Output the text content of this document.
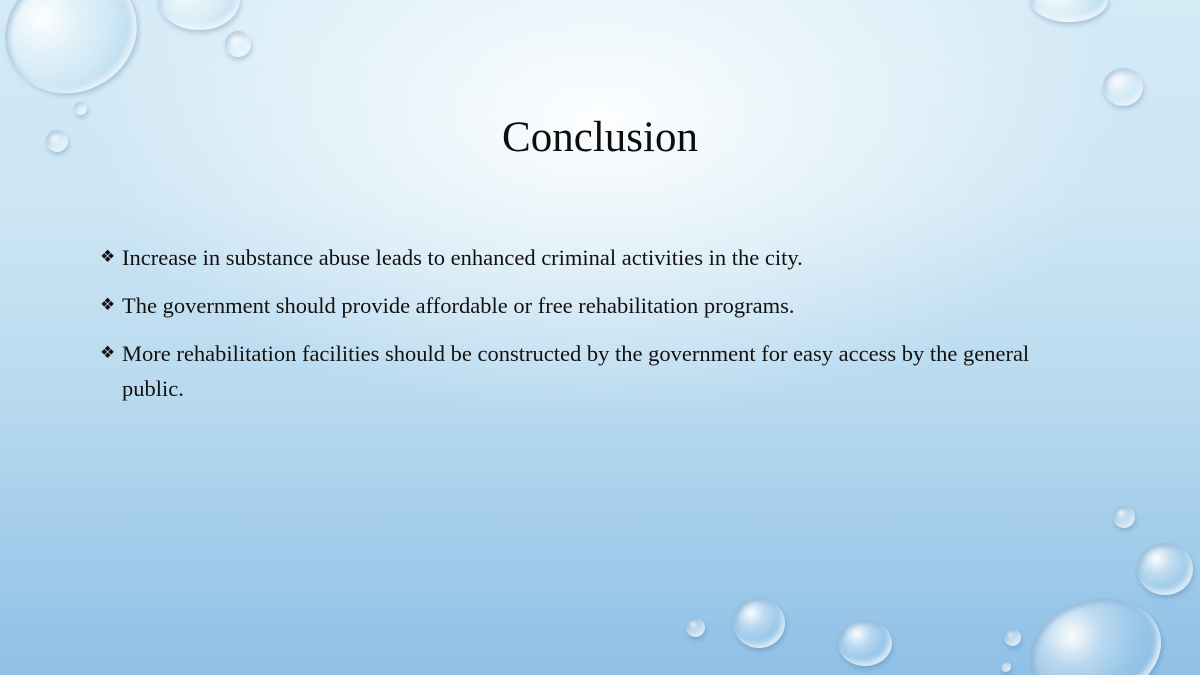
Conclusion
❖ Increase in substance abuse leads to enhanced criminal activities in the city.
❖ The government should provide affordable or free rehabilitation programs.
❖ More rehabilitation facilities should be constructed by the government for easy access by the general public.
